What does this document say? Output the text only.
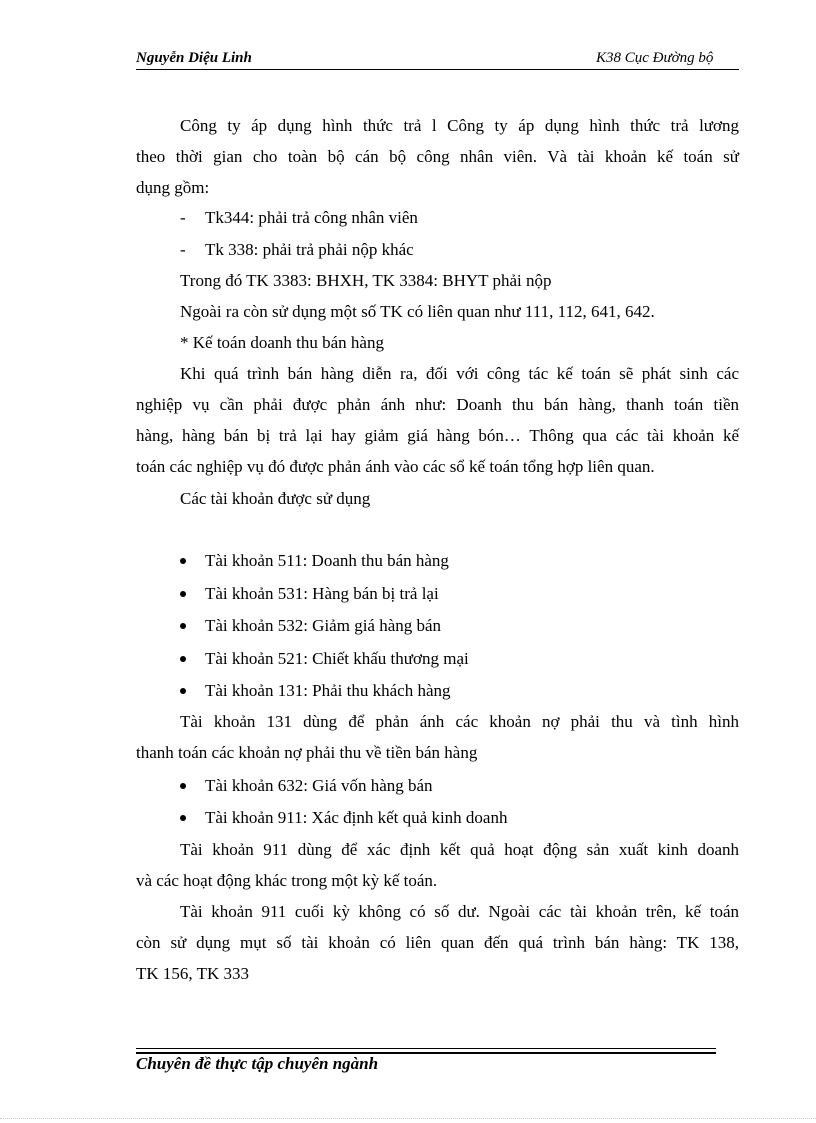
Nguyễn Diệu Linh	K38 Cục Đường bộ
Công ty áp dụng hình thức trả l Công ty áp dụng hình thức trả lương
theo thời gian cho toàn bộ cán bộ công nhân viên. Và tài khoản kế toán sử
dụng gồm:
- Tk344: phải trả công nhân viên
- Tk 338: phải trả phải nộp khác
Trong đó TK 3383: BHXH, TK 3384: BHYT phải nộp
Ngoài ra còn sử dụng một số TK có liên quan như 111, 112, 641, 642.
* Kế toán doanh thu bán hàng
Khi quá trình bán hàng diễn ra, đối với công tác kế toán sẽ phát sinh các
nghiệp vụ cần phải được phản ánh như: Doanh thu bán hàng, thanh toán tiền
hàng, hàng bán bị trả lại hay giảm giá hàng bón… Thông qua các tài khoản kế
toán các nghiệp vụ đó được phản ánh vào các sổ kế toán tổng hợp liên quan.
Các tài khoản được sử dụng
Tài khoản 511: Doanh thu bán hàng
Tài khoản 531: Hàng bán bị trả lại
Tài khoản 532: Giảm giá hàng bán
Tài khoản 521: Chiết khấu thương mại
Tài khoản 131: Phải thu khách hàng
Tài khoản 131 dùng để phản ánh các khoản nợ phải thu và tình hình
thanh toán các khoản nợ phải thu về tiền bán hàng
Tài khoản 632: Giá vốn hàng bán
Tài khoản 911: Xác định kết quả kinh doanh
Tài khoản 911 dùng để xác định kết quả hoạt động sản xuất kinh doanh
và các hoạt động khác trong một kỳ kế toán.
Tài khoản 911 cuối kỳ không có số dư. Ngoài các tài khoản trên, kế toán
còn sử dụng mụt số tài khoản có liên quan đến quá trình bán hàng: TK 138,
TK 156, TK 333
Chuyên đề thực tập chuyên ngành
